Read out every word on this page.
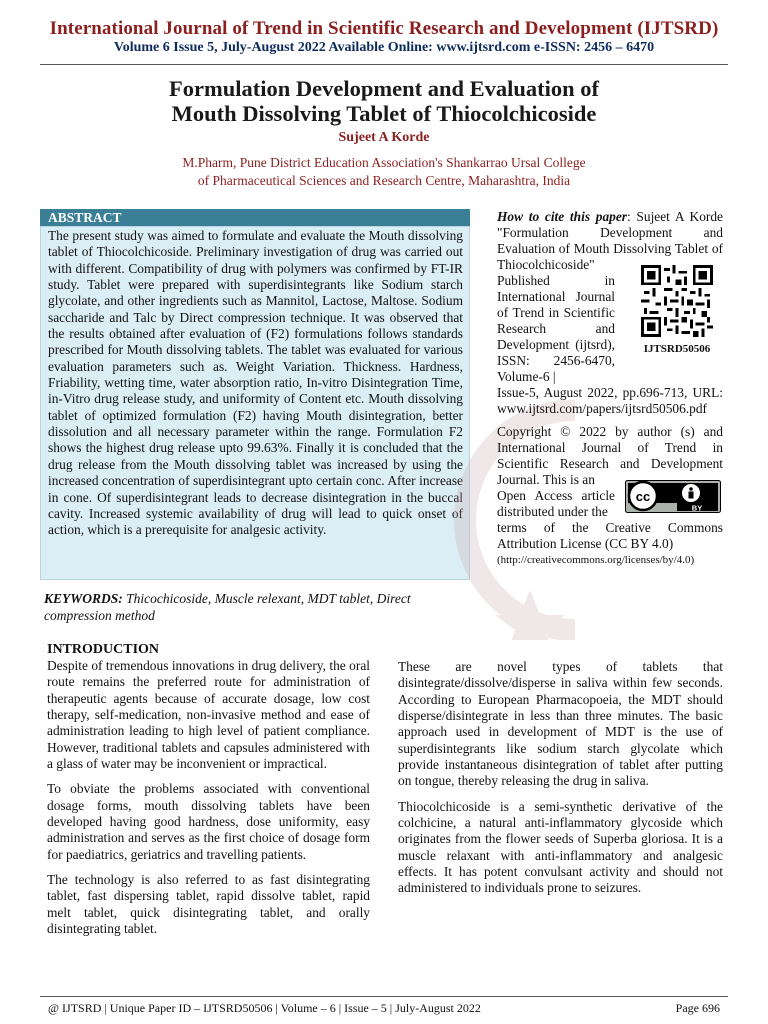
International Journal of Trend in Scientific Research and Development (IJTSRD)
Volume 6 Issue 5, July-August 2022 Available Online: www.ijtsrd.com e-ISSN: 2456 – 6470
Formulation Development and Evaluation of
Mouth Dissolving Tablet of Thiocolchicoside
Sujeet A Korde
M.Pharm, Pune District Education Association's Shankarrao Ursal College
of Pharmaceutical Sciences and Research Centre, Maharashtra, India
ABSTRACT
The present study was aimed to formulate and evaluate the Mouth dissolving tablet of Thiocolchicoside. Preliminary investigation of drug was carried out with different. Compatibility of drug with polymers was confirmed by FT-IR study. Tablet were prepared with superdisintegrants like Sodium starch glycolate, and other ingredients such as Mannitol, Lactose, Maltose. Sodium saccharide and Talc by Direct compression technique. It was observed that the results obtained after evaluation of (F2) formulations follows standards prescribed for Mouth dissolving tablets. The tablet was evaluated for various evaluation parameters such as. Weight Variation. Thickness. Hardness, Friability, wetting time, water absorption ratio, In-vitro Disintegration Time, in-Vitro drug release study, and uniformity of Content etc. Mouth dissolving tablet of optimized formulation (F2) having Mouth disintegration, better dissolution and all necessary parameter within the range. Formulation F2 shows the highest drug release upto 99.63%. Finally it is concluded that the drug release from the Mouth dissolving tablet was increased by using the increased concentration of superdisintegrant upto certain conc. After increase in cone. Of superdisintegrant leads to decrease disintegration in the buccal cavity. Increased systemic availability of drug will lead to quick onset of action, which is a prerequisite for analgesic activity.
KEYWORDS: Thicochicoside, Muscle relexant, MDT tablet, Direct compression method
How to cite this paper: Sujeet A Korde "Formulation Development and Evaluation of Mouth Dissolving Tablet of Thiocolchicoside"
Published in International Journal of Trend in Scientific Research and Development (ijtsrd), ISSN: 2456-6470, Volume-6 |
Issue-5, August 2022, pp.696-713, URL: www.ijtsrd.com/papers/ijtsrd50506.pdf
IJTSRD50506
Copyright © 2022 by author (s) and International Journal of Trend in Scientific Research and Development Journal. This is an
Open Access article distributed under the
terms of the Creative Commons Attribution License (CC BY 4.0)
(http://creativecommons.org/licenses/by/4.0)
cc
BY
INTRODUCTION

Despite of tremendous innovations in drug delivery, the oral route remains the preferred route for administration of therapeutic agents because of accurate dosage, low cost therapy, self-medication, non-invasive method and ease of administration leading to high level of patient compliance. However, traditional tablets and capsules administered with a glass of water may be inconvenient or impractical.

To obviate the problems associated with conventional dosage forms, mouth dissolving tablets have been developed having good hardness, dose uniformity, easy administration and serves as the first choice of dosage form for paediatrics, geriatrics and travelling patients.

The technology is also referred to as fast disintegrating tablet, fast dispersing tablet, rapid dissolve tablet, rapid melt tablet, quick disintegrating tablet, and orally disintegrating tablet.

These are novel types of tablets that disintegrate/dissolve/disperse in saliva within few seconds. According to European Pharmacopoeia, the MDT should disperse/disintegrate in less than three minutes. The basic approach used in development of MDT is the use of superdisintegrants like sodium starch glycolate which provide instantaneous disintegration of tablet after putting on tongue, thereby releasing the drug in saliva.

Thiocolchicoside is a semi-synthetic derivative of the colchicine, a natural anti-inflammatory glycoside which originates from the flower seeds of Superba gloriosa. It is a muscle relaxant with anti-inflammatory and analgesic effects. It has potent convulsant activity and should not administered to individuals prone to seizures.

@ IJTSRD | Unique Paper ID – IJTSRD50506 | Volume – 6 | Issue – 5 | July-August 2022	Page 696
